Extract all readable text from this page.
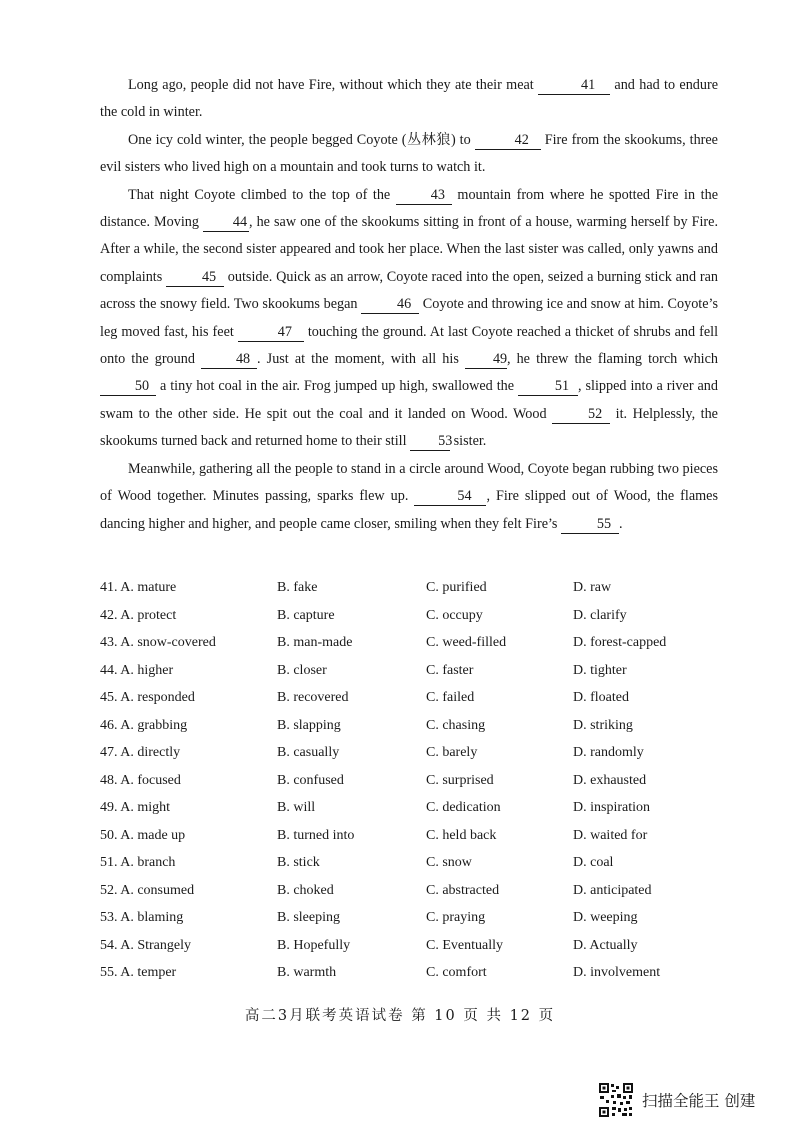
Long ago, people did not have Fire, without which they ate their meat	41 and had to endure the cold in winter.

One icy cold winter, the people begged Coyote (丛林狼) to	42 Fire from the skookums, three evil sisters who lived high on a mountain and took turns to watch it.

That night Coyote climbed to the top of the 43 mountain from where he spotted Fire in the distance. Moving 44 , he saw one of the skookums sitting in front of a house, warming herself by Fire. After a while, the second sister appeared and took her place. When the last sister was called, only yawns and complaints	45 outside. Quick as an arrow, Coyote raced into the open, seized a burning stick and ran across the snowy field. Two skookums began	46 Coyote and throwing ice and snow at him. Coyote’s leg moved fast, his feet	47 touching the ground. At last Coyote reached a thicket of shrubs and fell onto the ground 48 . Just at the moment, with all his 49, he threw the flaming torch which 50 a tiny hot coal in the air. Frog jumped up high, swallowed the	51 , slipped into a river and swam to the other side. He spit out the coal and it landed on Wood. Wood	52 it. Helplessly, the skookums turned back and returned home to their still 53 sister.

Meanwhile, gathering all the people to stand in a circle around Wood, Coyote began rubbing two pieces of Wood together. Minutes passing, sparks flew up.	54 , Fire slipped out of Wood, the flames dancing higher and higher, and people came closer, smiling when they felt Fire’s	55 .

41. A. mature	B. fake	C. purified	D. raw
42. A. protect	B. capture	C. occupy	D. clarify
43. A. snow-covered	B. man-made	C. weed-filled	D. forest-capped
44. A. higher	B. closer	C. faster	D. tighter
45. A. responded	B. recovered	C. failed	D. floated
46. A. grabbing	B. slapping	C. chasing	D. striking
47. A. directly	B. casually	C. barely	D. randomly
48. A. focused	B. confused	C. surprised	D. exhausted
49. A. might	B. will	C. dedication	D. inspiration
50. A. made up	B. turned into	C. held back	D. waited for
51. A. branch	B. stick	C. snow	D. coal
52. A. consumed	B. choked	C. abstracted	D. anticipated
53. A. blaming	B. sleeping	C. praying	D. weeping
54. A. Strangely	B. Hopefully	C. Eventually	D. Actually
55. A. temper	B. warmth	C. comfort	D. involvement
高二3月联考英语试卷 第 10 页 共 12 页
扫描全能王 创建
